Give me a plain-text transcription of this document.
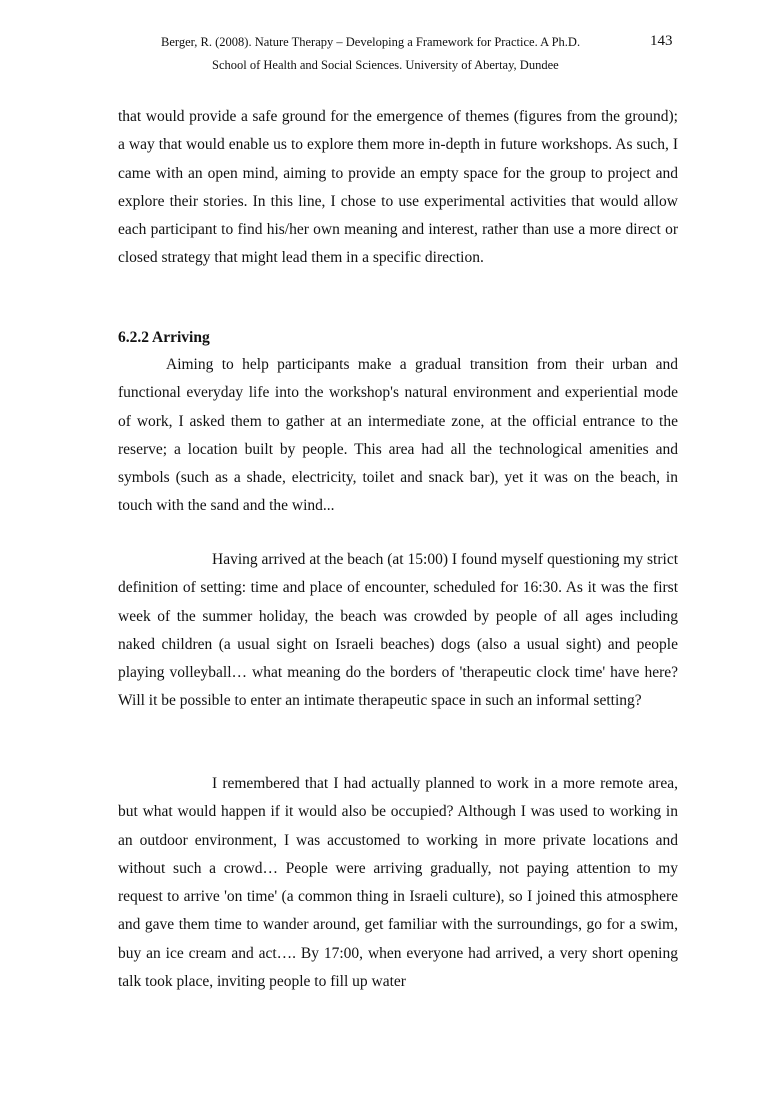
Berger, R. (2008). Nature Therapy – Developing a Framework for Practice. A Ph.D.	143
School of Health and Social Sciences. University of Abertay, Dundee

that would provide a safe ground for the emergence of themes (figures from the ground); a way that would enable us to explore them more in-depth in future workshops. As such, I came with an open mind, aiming to provide an empty space for the group to project and explore their stories. In this line, I chose to use experimental activities that would allow each participant to find his/her own meaning and interest, rather than use a more direct or closed strategy that might lead them in a specific direction.

6.2.2 Arriving

Aiming to help participants make a gradual transition from their urban and functional everyday life into the workshop's natural environment and experiential mode of work, I asked them to gather at an intermediate zone, at the official entrance to the reserve; a location built by people. This area had all the technological amenities and symbols (such as a shade, electricity, toilet and snack bar), yet it was on the beach, in touch with the sand and the wind...

Having arrived at the beach (at 15:00) I found myself questioning my strict definition of setting: time and place of encounter, scheduled for 16:30. As it was the first week of the summer holiday, the beach was crowded by people of all ages including naked children (a usual sight on Israeli beaches) dogs (also a usual sight) and people playing volleyball… what meaning do the borders of 'therapeutic clock time' have here? Will it be possible to enter an intimate therapeutic space in such an informal setting?

I remembered that I had actually planned to work in a more remote area, but what would happen if it would also be occupied? Although I was used to working in an outdoor environment, I was accustomed to working in more private locations and without such a crowd… People were arriving gradually, not paying attention to my request to arrive 'on time' (a common thing in Israeli culture), so I joined this atmosphere and gave them time to wander around, get familiar with the surroundings, go for a swim, buy an ice cream and act…. By 17:00, when everyone had arrived, a very short opening talk took place, inviting people to fill up water
